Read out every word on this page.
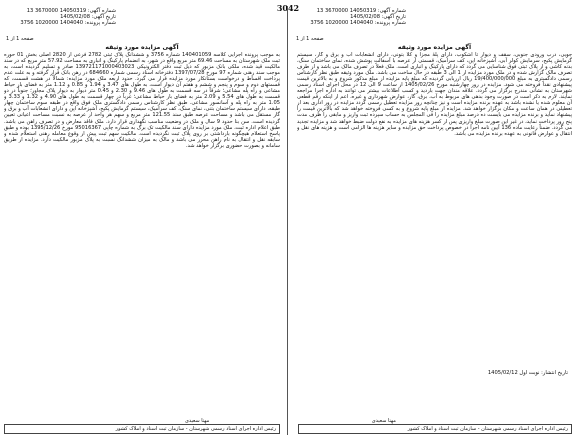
3042	شماره آگهی: 14050319 3670000 13
تاریخ آگهی: 1405/02/08
شماره پرونده: 1404040 1020000 3756
صفحه 1 از 1
آگهی مزایده مورد وثیقه
جویی، درب ورودی جنوبی، سقف و دیوار تا اشکوب، دارای پلهٔ مجزا و کلاً بتونی، دارای انشعابات آب و برق و گاز، سیستم گرمایش پکیج، سرمایش کولر آبی، آشپزخانه اپن، کف سرامیک، قسمتی از عرصه با آسفالت پوشش شده، نمای ساختمان سنگ، بدنه کاشی و از پلاک ثبتی فوق شناسایی می گردد که دارای پارکینگ و انباری است. ملک فعلاً در تصرف مالک می باشد و از طرف تصرف مالک گزارش شده و در ملک مورد مزایده از 1 الی 3 طبقه در حال ساخت می باشد. ملک مورد وثیقه طبق نظر کارشناس رسمی دادگستری به مبلغ 19/400/000/000 ریال ارزیابی گردیده که مبلغ پایه مزایده از مبلغ مذکور شروع و به بالاترین قیمت پیشنهادی نقداً فروخته می شود. مزایده در روز چهارشنبه مورخ 1405/02/26 از ساعت 9 الی 12 در محل اجرای اسناد رسمی شهرستان به نشانی مندرج برگزار می گردد. علاقه مندان جهت بازدید و کسب اطلاعات بیشتر می توانند به اداره اجرا مراجعه نمایند. لازم به ذکر است در صورت وجود بدهی های مربوط به آب، برق، گاز، عوارض شهرداری و غیره، اعم از اینکه رقم قطعی آن معلوم شده یا نشده باشد به عهده برنده مزایده است و نیز چنانچه روز مزایده تعطیل رسمی گردد مزایده در روز اداری بعد از تعطیلی در همان ساعت و مکان برگزار خواهد شد. مزایده از مبلغ پایه شروع و به کسی فروخته خواهد شد که بالاترین قیمت را پیشنهاد نماید و برنده مزایده می بایست ده درصد مبلغ مزایده را فی المجلس به حساب سپرده ثبت واریز و مابقی را ظرف مدت پنج روز پرداخت نماید، در غیر این صورت مبلغ واریزی پس از کسر هزینه های مزایده به نفع دولت ضبط خواهد شد و مزایده تجدید می گردد. ضمناً رعایت ماده 136 آیین نامه اجرا در خصوص پرداخت حق مزایده و سایر هزینه ها الزامی است و هزینه های نقل و انتقال و عوارض قانونی به عهده برنده مزایده می باشد.
تاریخ انتشار: نوبت اول 1405/02/12
مهتا سعیدی
رئیس اداره اجرای اسناد رسمی شهرستان - سازمان ثبت اسناد و املاک کشور
شماره آگهی: 14050319 3670000 13
تاریخ آگهی: 1405/02/08
شماره پرونده: 1404040 1020000 3756
صفحه 1 از 1
آگهی مزایده مورد وثیقه
به موجب پرونده اجرایی کلاسه 140401059 شماره 3756 و ششدانگ پلاک ثبتی 2782 فرعی از 2820 اصلی بخش 01 حوزه ثبت ملک شهرستان به مساحت 69.46 متر مربع واقع در شهر، به انضمام پارکینگ و انباری به مساحت 57.92 متر مربع که در سند مالکیت قید شده، ملکی بانک مزبور که ذیل ثبت دفتر الکترونیکی 139721171000403023 صادر و تسلیم گردیده است، به موجب سند رهنی شماره 97 مورخ 1397/07/28 دفترخانه اسناد رسمی شماره 684660 در رهن بانک قرار گرفته و به علت عدم پرداخت اقساط و درخواست بستانکار مورد مزایده قرار می گیرد. حدود اربعه ملک مورد مزایده: شمالاً در هشت قسمت، که قسمتهای دوم و سوم و پنجم و ششم و هفتم آن دیوار است، به طول های 3.47 و 1.94 و 0.85 و 1.12 متر به فضای باز حیاط مشاعی و راه پله مشاعی؛ شرقاً در سه قسمت به طول های 9.46 و 2.30 و 0.45 متر دیوار به دیوار پلاک مجاور؛ جنوباً در دو قسمت به طول های 5.54 و 2.09 متر به فضای باز حیاط مشاعی؛ غرباً در چهار قسمت به طول های 4.90 و 1.32 و 3.33 و 1.05 متر به راه پله و آسانسور مشاعی. طبق نظر کارشناس رسمی دادگستری ملک فوق واقع در طبقه سوم ساختمان چهار طبقه، دارای سیستم ساختمان بتنی، نمای سنگ، کف سرامیک، سیستم گرمایش پکیج، آشپزخانه اپن و دارای انشعابات آب و برق و گاز مستقل می باشد و مساحت عرصه طبق سند 121.55 متر مربع و سهم هر واحد از عرصه به نسبت مساحت اعیانی تعیین گردیده است. سن بنا حدود 9 سال و ملک در وضعیت مناسب نگهداری قرار دارد. ملک فاقد معارض و در تصرف راهن می باشد. طبق اعلام اداره ثبت، ملک مورد مزایده دارای سند مالکیت تک برگ به شماره چاپی 95016367 مورخ 1395/12/26 بوده و طبق پاسخ استعلام هیچگونه بازداشتی بر روی پلاک ثبت نگردیده است. مالکیت سهم ثبت پیش از وقوع معامله رهنی استعلام شده و سابقه نقل و انتقال به نام راهن محرز می باشد و مالک به میزان ششدانگ نسبت به پلاک مزبور مالکیت دارد. مزایده از طریق سامانه و بصورت حضوری برگزار خواهد شد.
مهتا سعیدی
رئیس اداره اجرای اسناد رسمی شهرستان - سازمان ثبت اسناد و املاک کشور
